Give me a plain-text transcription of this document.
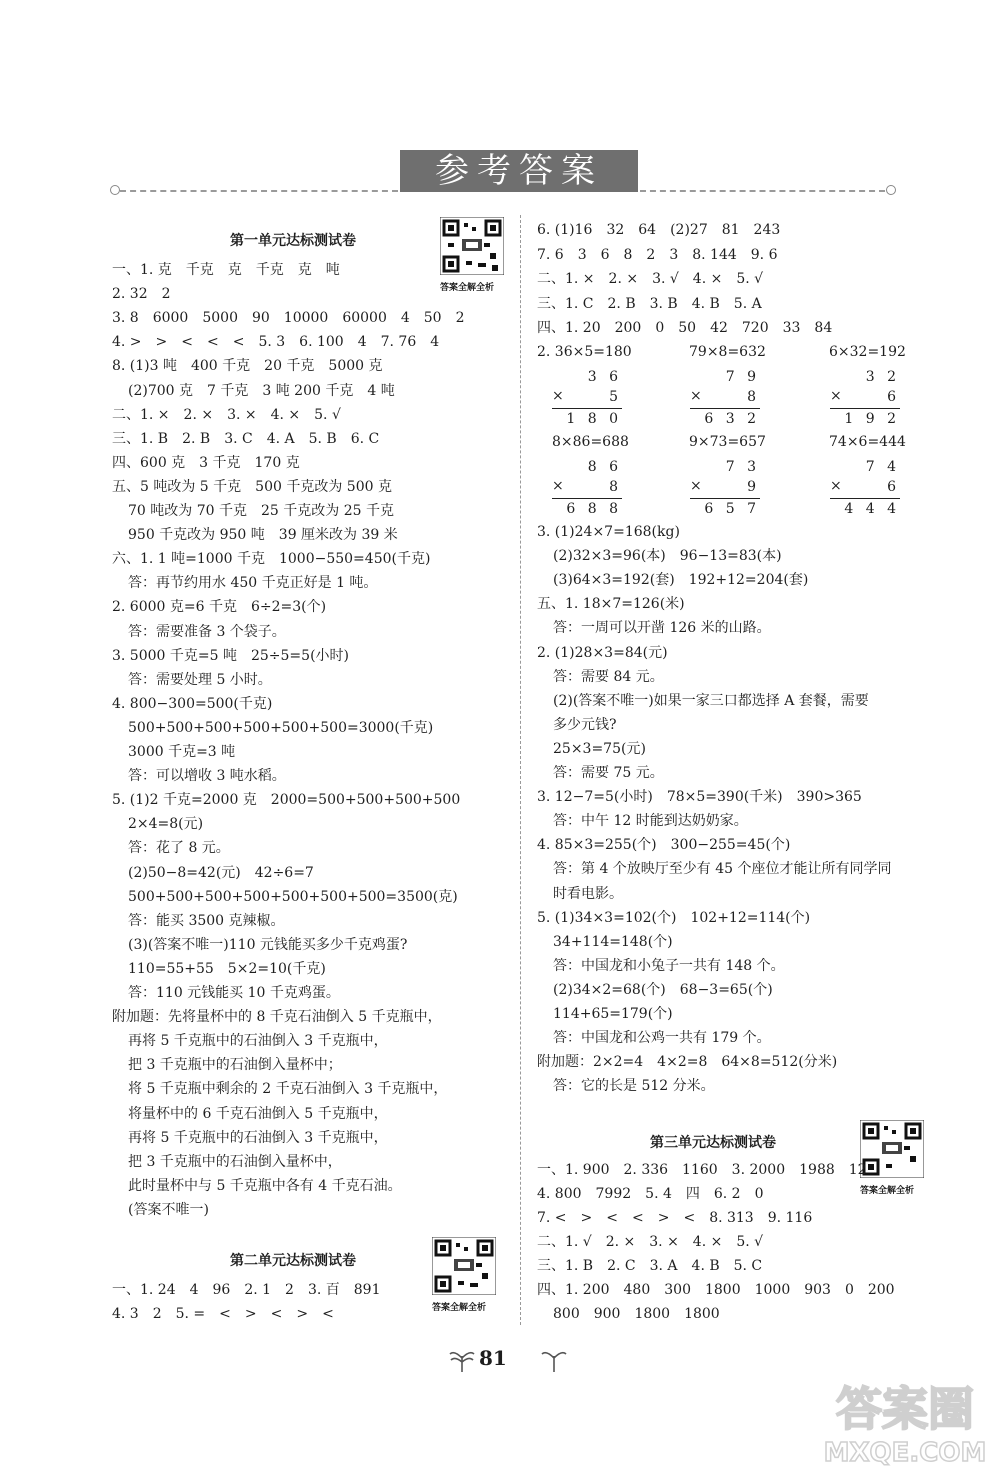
参考答案
答案全解全析
答案全解全析
答案全解全析
第一单元达标测试卷
第二单元达标测试卷
第三单元达标测试卷
一、1. 克　千克　克　千克　克　吨
2. 32　2
3. 8　6000　5000　90　10000　60000　4　50　2
4. >　>　<　<　<　5. 3　6. 100　4　7. 76　4
8. (1)3 吨　400 千克　20 千克　5000 克
(2)700 克　7 千克　3 吨 200 千克　4 吨
二、1. ×　2. ×　3. ×　4. ×　5. √
三、1. B　2. B　3. C　4. A　5. B　6. C
四、600 克　3 千克　170 克
五、5 吨改为 5 千克　500 千克改为 500 克
70 吨改为 70 千克　25 千克改为 25 千克
950 千克改为 950 吨　39 厘米改为 39 米
六、1. 1 吨=1000 千克　1000−550=450(千克)
答：再节约用水 450 千克正好是 1 吨。
2. 6000 克=6 千克　6÷2=3(个)
答：需要准备 3 个袋子。
3. 5000 千克=5 吨　25÷5=5(小时)
答：需要处理 5 小时。
4. 800−300=500(千克)
500+500+500+500+500+500=3000(千克)
3000 千克=3 吨
答：可以增收 3 吨水稻。
5. (1)2 千克=2000 克　2000=500+500+500+500
2×4=8(元)
答：花了 8 元。
(2)50−8=42(元)　42÷6=7
500+500+500+500+500+500+500=3500(克)
答：能买 3500 克辣椒。
(3)(答案不唯一)110 元钱能买多少千克鸡蛋?
110=55+55　5×2=10(千克)
答：110 元钱能买 10 千克鸡蛋。
附加题：先将量杯中的 8 千克石油倒入 5 千克瓶中，
再将 5 千克瓶中的石油倒入 3 千克瓶中，
把 3 千克瓶中的石油倒入量杯中；
将 5 千克瓶中剩余的 2 千克石油倒入 3 千克瓶中，
将量杯中的 6 千克石油倒入 5 千克瓶中，
再将 5 千克瓶中的石油倒入 3 千克瓶中，
把 3 千克瓶中的石油倒入量杯中，
此时量杯中与 5 千克瓶中各有 4 千克石油。
(答案不唯一)
一、1. 24　4　96　2. 1　2　3. 百　891
4. 3　2　5. =　<　>　<　>　<
6. (1)16　32　64　(2)27　81　243
7. 6　3　6　8　2　3　8. 144　9. 6
二、1. ×　2. ×　3. √　4. ×　5. √
三、1. C　2. B　3. B　4. B　5. A
四、1. 20　200　0　50　42　720　33　84
2. 36×5=180	79×8=632	6×32=192
8×86=688	9×73=657	74×6=444
3 6
×	5
1 8 0
7 9
×	8
6 3 2
3 2
×	6
1 9 2
8 6
×	8
6 8 8
7 3
×	9
6 5 7
7 4
×	6
4 4 4
3. (1)24×7=168(kg)
(2)32×3=96(本)　96−13=83(本)
(3)64×3=192(套)　192+12=204(套)
五、1. 18×7=126(米)
答：一周可以开凿 126 米的山路。
2. (1)28×3=84(元)
答：需要 84 元。
(2)(答案不唯一)如果一家三口都选择 A 套餐，需要
多少元钱?
25×3=75(元)
答：需要 75 元。
3. 12−7=5(小时)　78×5=390(千米)　390>365
答：中午 12 时能到达奶奶家。
4. 85×3=255(个)　300−255=45(个)
答：第 4 个放映厅至少有 45 个座位才能让所有同学同
时看电影。
5. (1)34×3=102(个)　102+12=114(个)
34+114=148(个)
答：中国龙和小兔子一共有 148 个。
(2)34×2=68(个)　68−3=65(个)
114+65=179(个)
答：中国龙和公鸡一共有 179 个。
附加题：2×2=4　4×2=8　64×8=512(分米)
答：它的长是 512 分米。
一、1. 900　2. 336　1160　3. 2000　1988　12
4. 800　7992　5. 4　四　6. 2　0
7. <　>　<　<　>　<　8. 313　9. 116
二、1. √　2. ×　3. ×　4. ×　5. √
三、1. B　2. C　3. A　4. B　5. C
四、1. 200　480　300　1800　1000　903　0　200
800　900　1800　1800
81
答案圈
MXQE.COM
